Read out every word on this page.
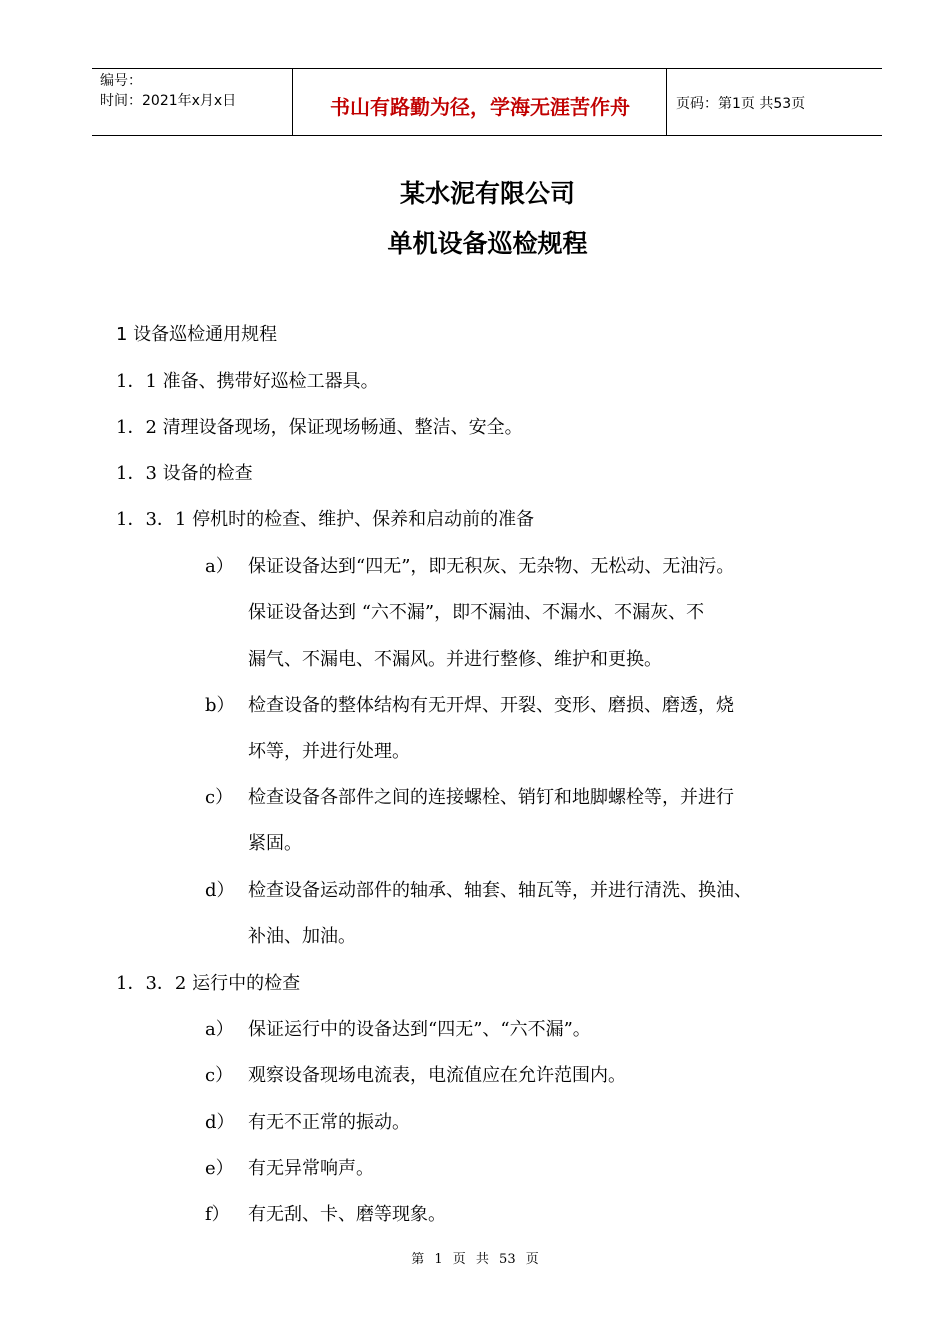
编号：
时间：2021年x月x日	书山有路勤为径，学海无涯苦作舟	页码：第1页 共53页
某水泥有限公司
单机设备巡检规程
1 设备巡检通用规程
1．1 准备、携带好巡检工器具。
1．2 清理设备现场，保证现场畅通、整洁、安全。
1．3 设备的检查
1．3．1 停机时的检查、维护、保养和启动前的准备
a） 保证设备达到“四无”，即无积灰、无杂物、无松动、无油污。
保证设备达到 “六不漏”，即不漏油、不漏水、不漏灰、不
漏气、不漏电、不漏风。并进行整修、维护和更换。
b） 检查设备的整体结构有无开焊、开裂、变形、磨损、磨透，烧
坏等，并进行处理。
c） 检查设备各部件之间的连接螺栓、销钉和地脚螺栓等，并进行
紧固。
d） 检查设备运动部件的轴承、轴套、轴瓦等，并进行清洗、换油、
补油、加油。
1．3．2 运行中的检查
a） 保证运行中的设备达到“四无”、“六不漏”。
c） 观察设备现场电流表，电流值应在允许范围内。
d） 有无不正常的振动。
e） 有无异常响声。
f） 有无刮、卡、磨等现象。
第 1 页 共 53 页
